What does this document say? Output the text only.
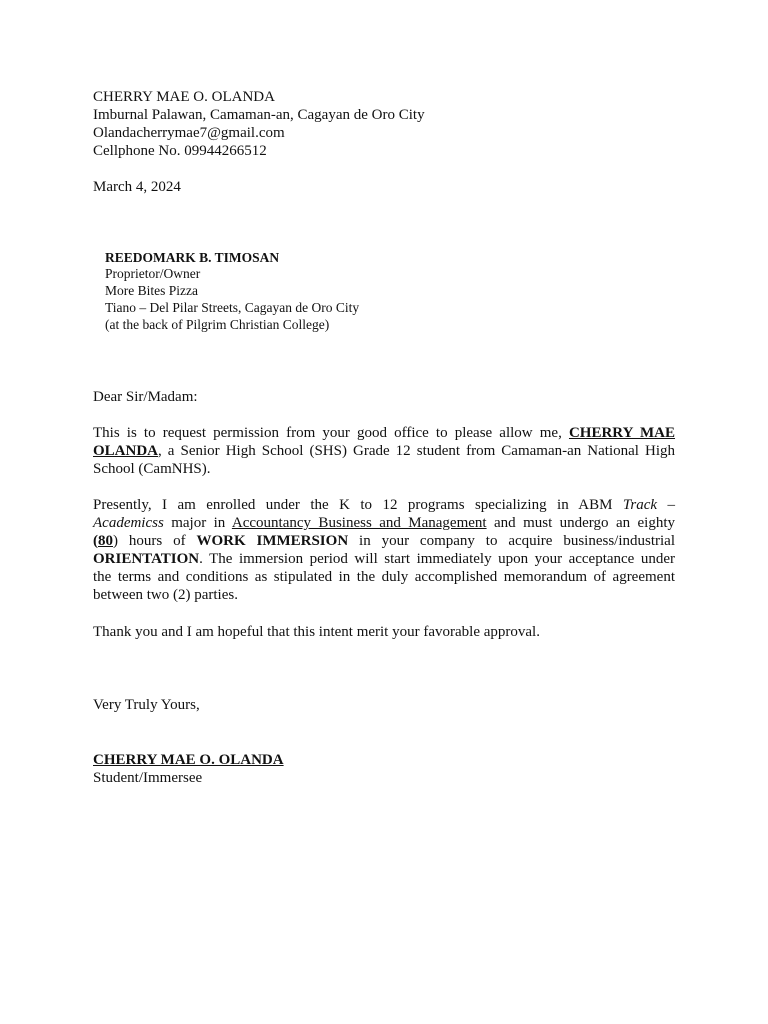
CHERRY MAE O. OLANDA
Imburnal Palawan, Camaman-an, Cagayan de Oro City
Olandacherrymae7@gmail.com
Cellphone No. 09944266512
March 4, 2024
REEDOMARK B. TIMOSAN
Proprietor/Owner
More Bites Pizza
Tiano – Del Pilar Streets, Cagayan de Oro City
(at the back of Pilgrim Christian College)
Dear Sir/Madam:
This is to request permission from your good office to please allow me, CHERRY MAE
OLANDA, a Senior High School (SHS) Grade 12 student from Camaman-an National High
School (CamNHS).
Presently, I am enrolled under the K to 12 programs specializing in ABM Track –
Academicss major in Accountancy Business and Management and must undergo an eighty
(80) hours of WORK IMMERSION in your company to acquire business/industrial
ORIENTATION. The immersion period will start immediately upon your acceptance under
the terms and conditions as stipulated in the duly accomplished memorandum of agreement
between two (2) parties.
Thank you and I am hopeful that this intent merit your favorable approval.
Very Truly Yours,
CHERRY MAE O. OLANDA
Student/Immersee
